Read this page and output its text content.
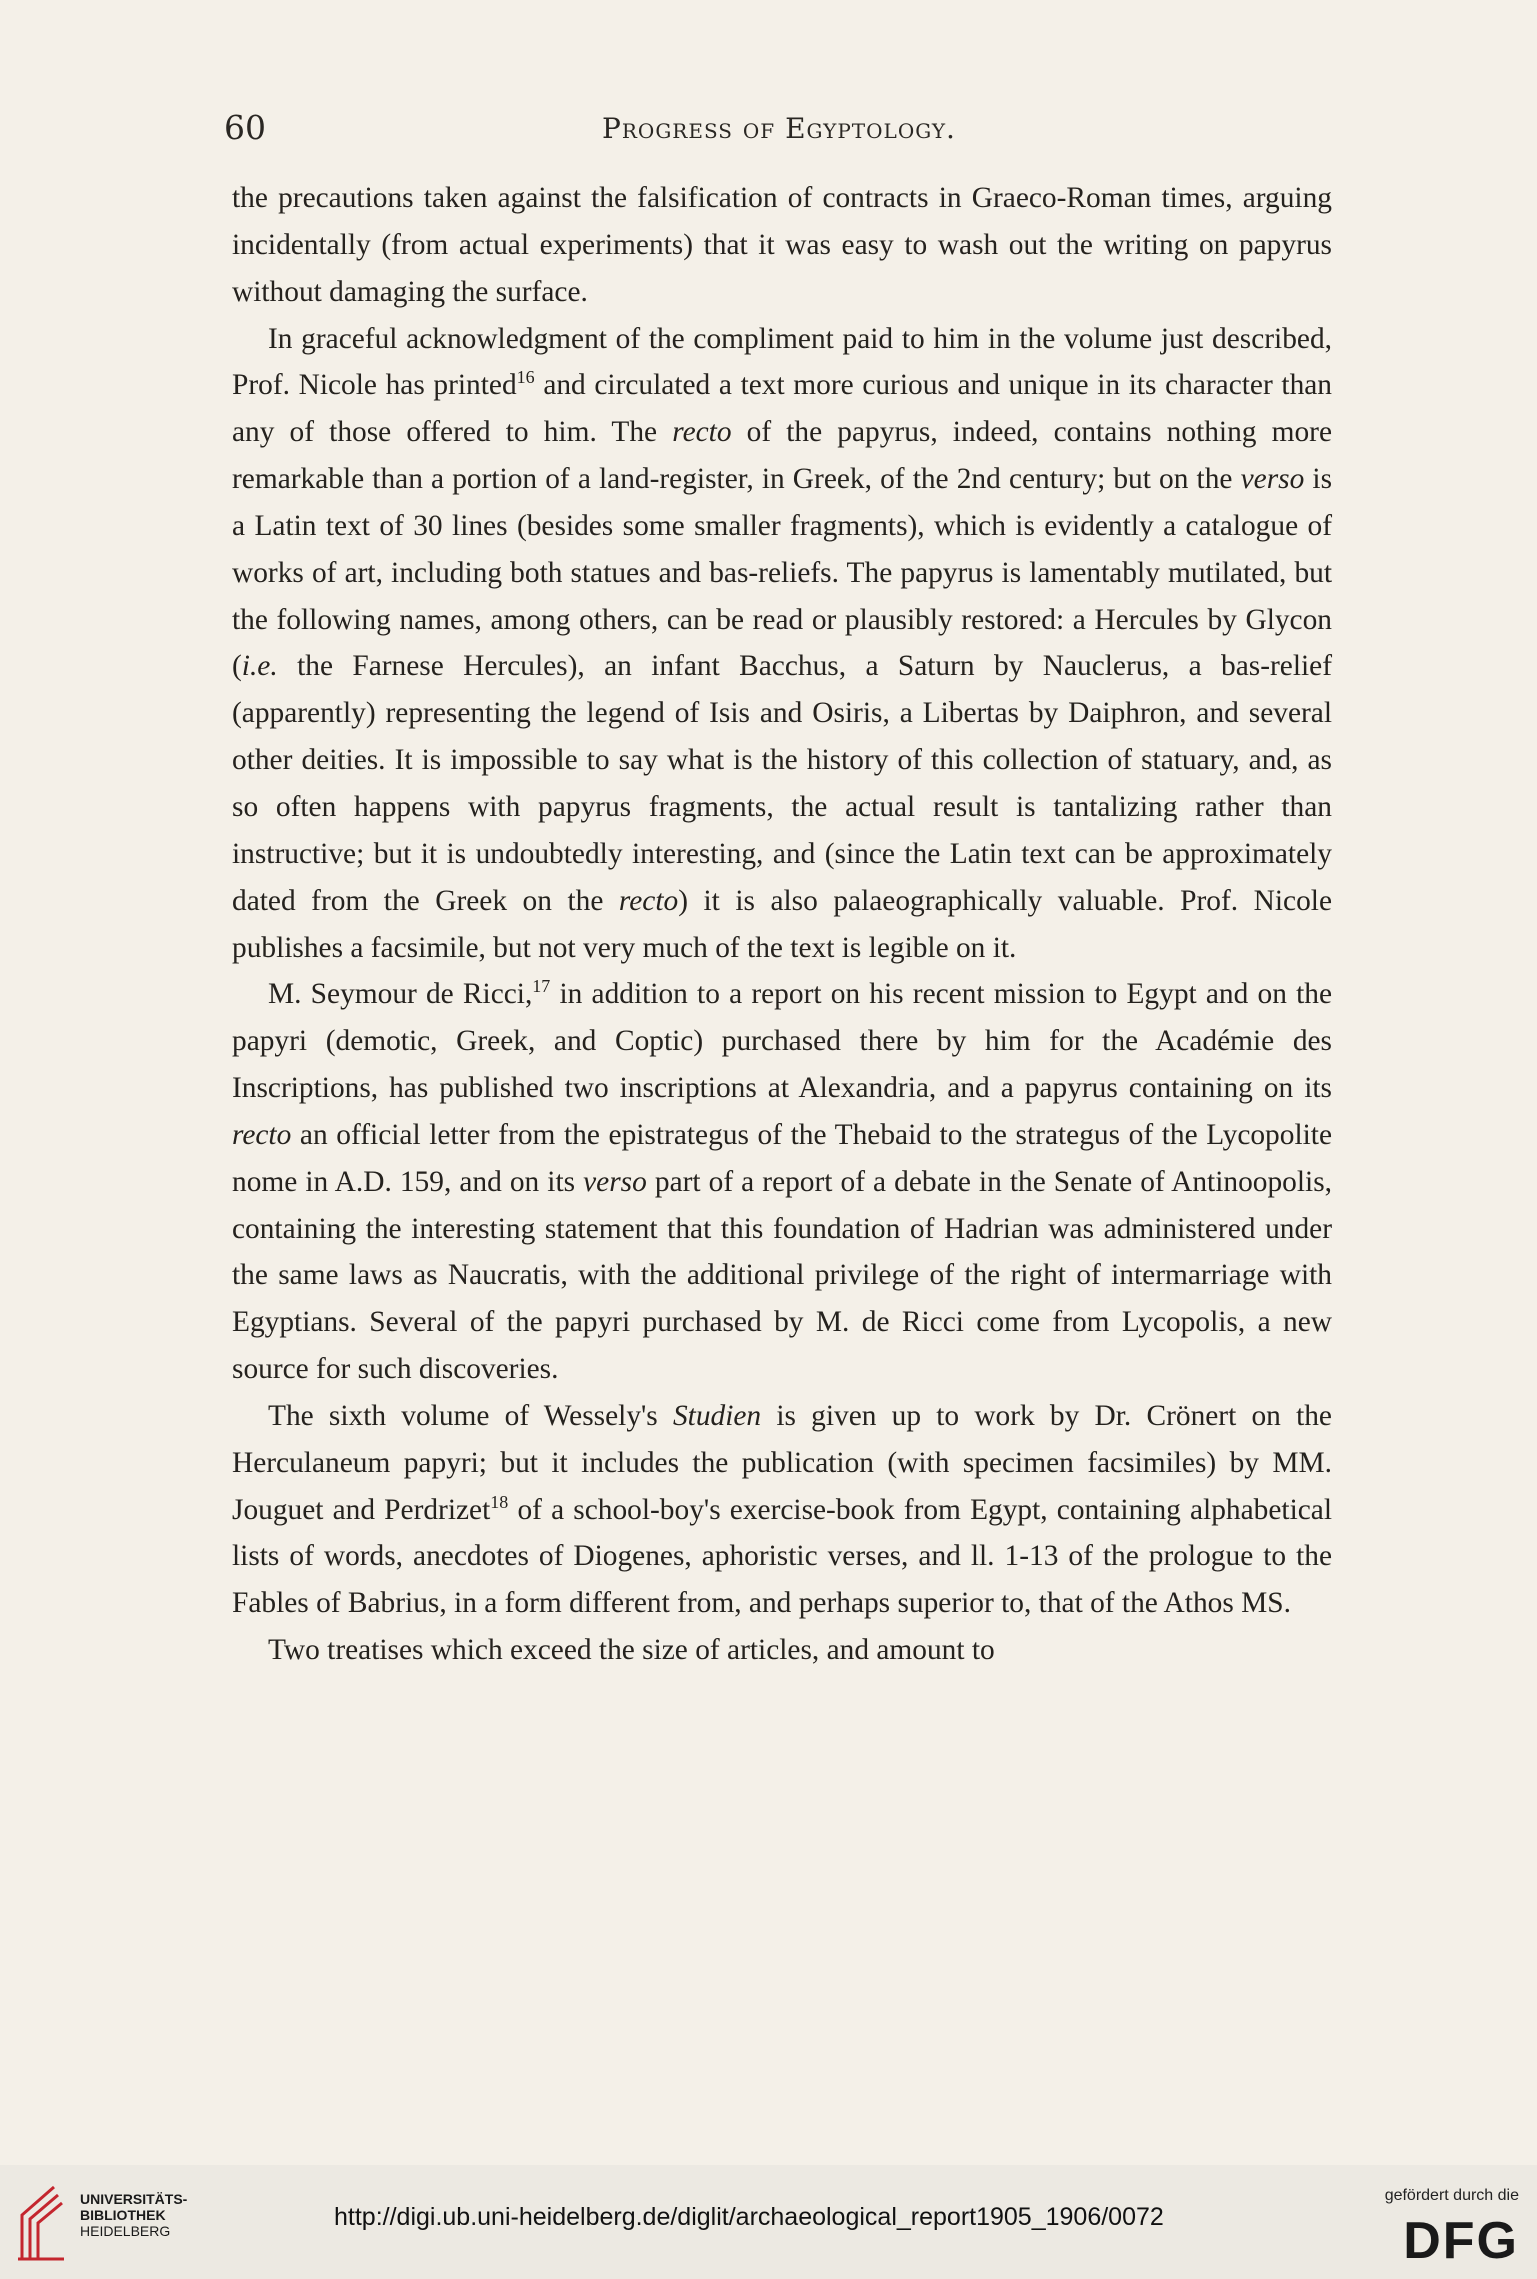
60	Progress of Egyptology.

the precautions taken against the falsification of contracts in Graeco-Roman times, arguing incidentally (from actual experiments) that it was easy to wash out the writing on papyrus without damaging the surface.

In graceful acknowledgment of the compliment paid to him in the volume just described, Prof. Nicole has printed$^{16}$ and circulated a text more curious and unique in its character than any of those offered to him. The recto of the papyrus, indeed, contains nothing more remarkable than a portion of a land-register, in Greek, of the 2nd century; but on the verso is a Latin text of 30 lines (besides some smaller fragments), which is evidently a catalogue of works of art, including both statues and bas-reliefs. The papyrus is lamentably mutilated, but the following names, among others, can be read or plausibly restored: a Hercules by Glycon (i.e. the Farnese Hercules), an infant Bacchus, a Saturn by Nauclerus, a bas-relief (apparently) representing the legend of Isis and Osiris, a Libertas by Daiphron, and several other deities. It is impossible to say what is the history of this collection of statuary, and, as so often happens with papyrus fragments, the actual result is tantalizing rather than instructive; but it is undoubtedly interesting, and (since the Latin text can be approximately dated from the Greek on the recto) it is also palaeographically valuable. Prof. Nicole publishes a facsimile, but not very much of the text is legible on it.

M. Seymour de Ricci,$^{17}$ in addition to a report on his recent mission to Egypt and on the papyri (demotic, Greek, and Coptic) purchased there by him for the Académie des Inscriptions, has published two inscriptions at Alexandria, and a papyrus containing on its recto an official letter from the epistrategus of the Thebaid to the strategus of the Lycopolite nome in A.D. 159, and on its verso part of a report of a debate in the Senate of Antinoopolis, containing the interesting statement that this foundation of Hadrian was administered under the same laws as Naucratis, with the additional privilege of the right of intermarriage with Egyptians. Several of the papyri purchased by M. de Ricci come from Lycopolis, a new source for such discoveries.

The sixth volume of Wessely's Studien is given up to work by Dr. Crönert on the Herculaneum papyri; but it includes the publication (with specimen facsimiles) by MM. Jouguet and Perdrizet$^{18}$ of a school-boy's exercise-book from Egypt, containing alphabetical lists of words, anecdotes of Diogenes, aphoristic verses, and ll. 1-13 of the prologue to the Fables of Babrius, in a form different from, and perhaps superior to, that of the Athos MS.

Two treatises which exceed the size of articles, and amount to

UNIVERSITÄTS-
BIBLIOTHEK
HEIDELBERG	http://digi.ub.uni-heidelberg.de/diglit/archaeological_report1905_1906/0072
gefördert durch die
DFG
